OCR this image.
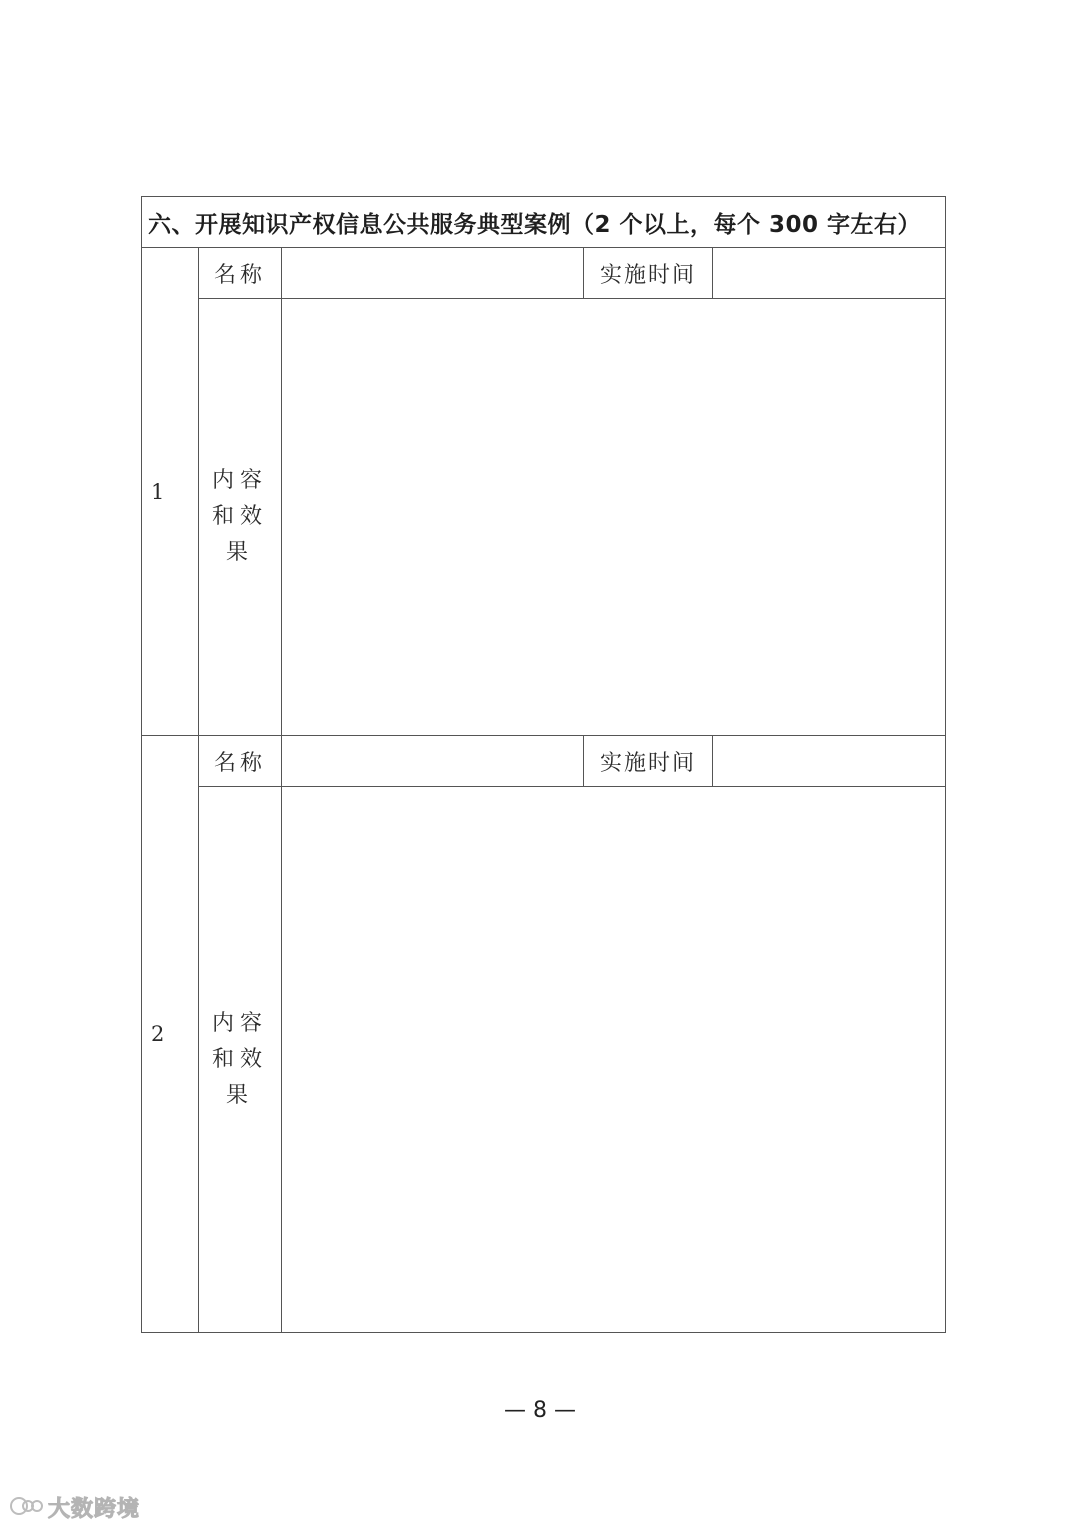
六、开展知识产权信息公共服务典型案例（2 个以上，每个 300 字左右）				
1	名称		实施时间	

	内容
和效
果			

2	名称		实施时间	

	内容
和效
果			

— 8 —
大数跨境
